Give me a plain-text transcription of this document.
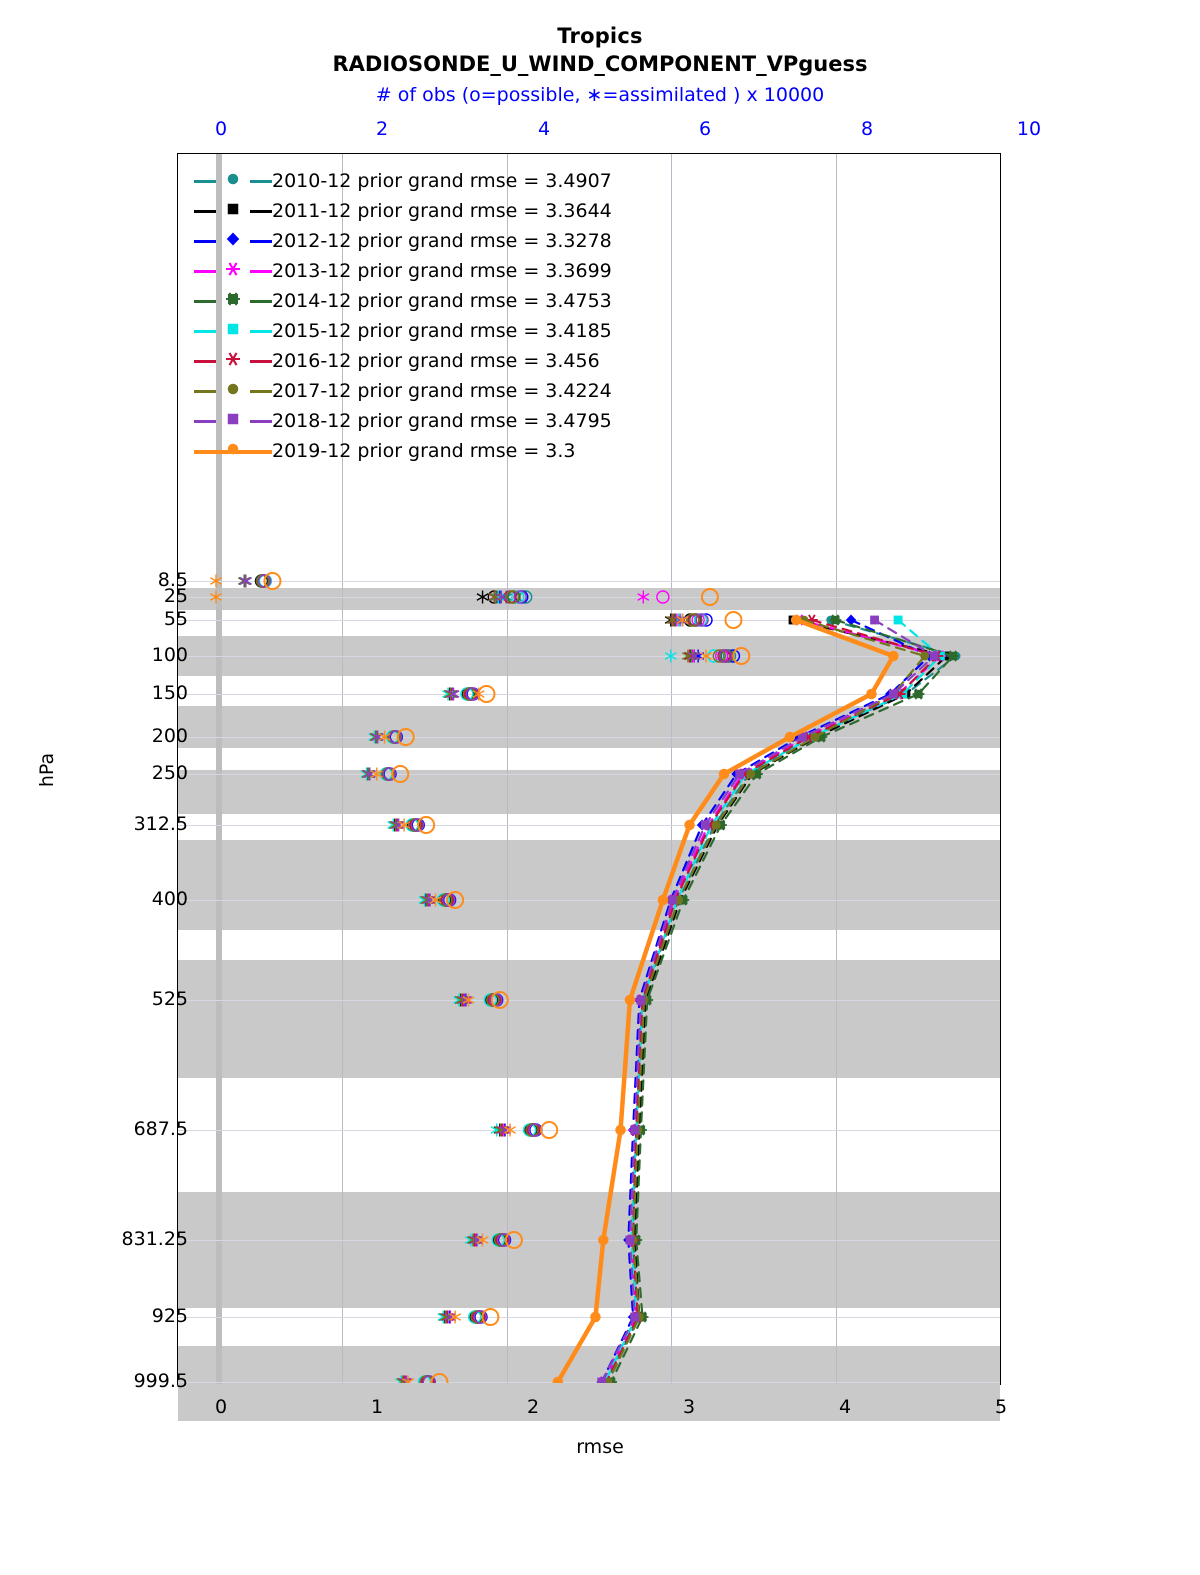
Tropics
RADIOSONDE_U_WIND_COMPONENT_VPguess
# of obs (o=possible, ∗=assimilated ) x 10000
2010-12 prior grand rmse = 3.4907
2011-12 prior grand rmse = 3.3644
2012-12 prior grand rmse = 3.3278
2013-12 prior grand rmse = 3.3699
2014-12 prior grand rmse = 3.4753
2015-12 prior grand rmse = 3.4185
2016-12 prior grand rmse = 3.456
2017-12 prior grand rmse = 3.4224
2018-12 prior grand rmse = 3.4795
2019-12 prior grand rmse = 3.3
0	2	4	6	8	10
0	1	2	3	4	5
8.5
25
55
100
150
200
250
312.5
400
525
687.5
831.25
925
999.5
hPa
rmse
